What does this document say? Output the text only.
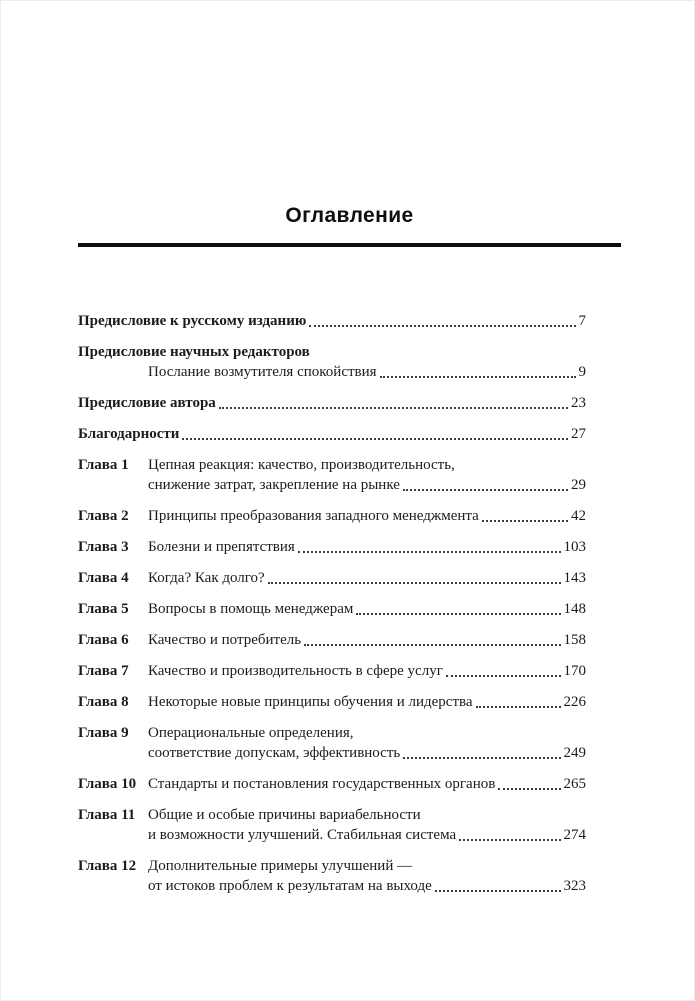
Оглавление
Предисловие к русскому изданию	7
Предисловие научных редакторов
Послание возмутителя спокойствия	9
Предисловие автора	23
Благодарности	27
Глава 1	Цепная реакция: качество, производительность,
снижение затрат, закрепление на рынке	29
Глава 2	Принципы преобразования западного менеджмента	42
Глава 3	Болезни и препятствия	103
Глава 4	Когда? Как долго?	143
Глава 5	Вопросы в помощь менеджерам	148
Глава 6	Качество и потребитель	158
Глава 7	Качество и производительность в сфере услуг	170
Глава 8	Некоторые новые принципы обучения и лидерства	226
Глава 9	Операциональные определения,
соответствие допускам, эффективность	249
Глава 10 Стандарты и постановления государственных органов	265
Глава 11 Общие и особые причины вариабельности
и возможности улучшений. Стабильная система	274
Глава 12 Дополнительные примеры улучшений —
от истоков проблем к результатам на выходе	323
